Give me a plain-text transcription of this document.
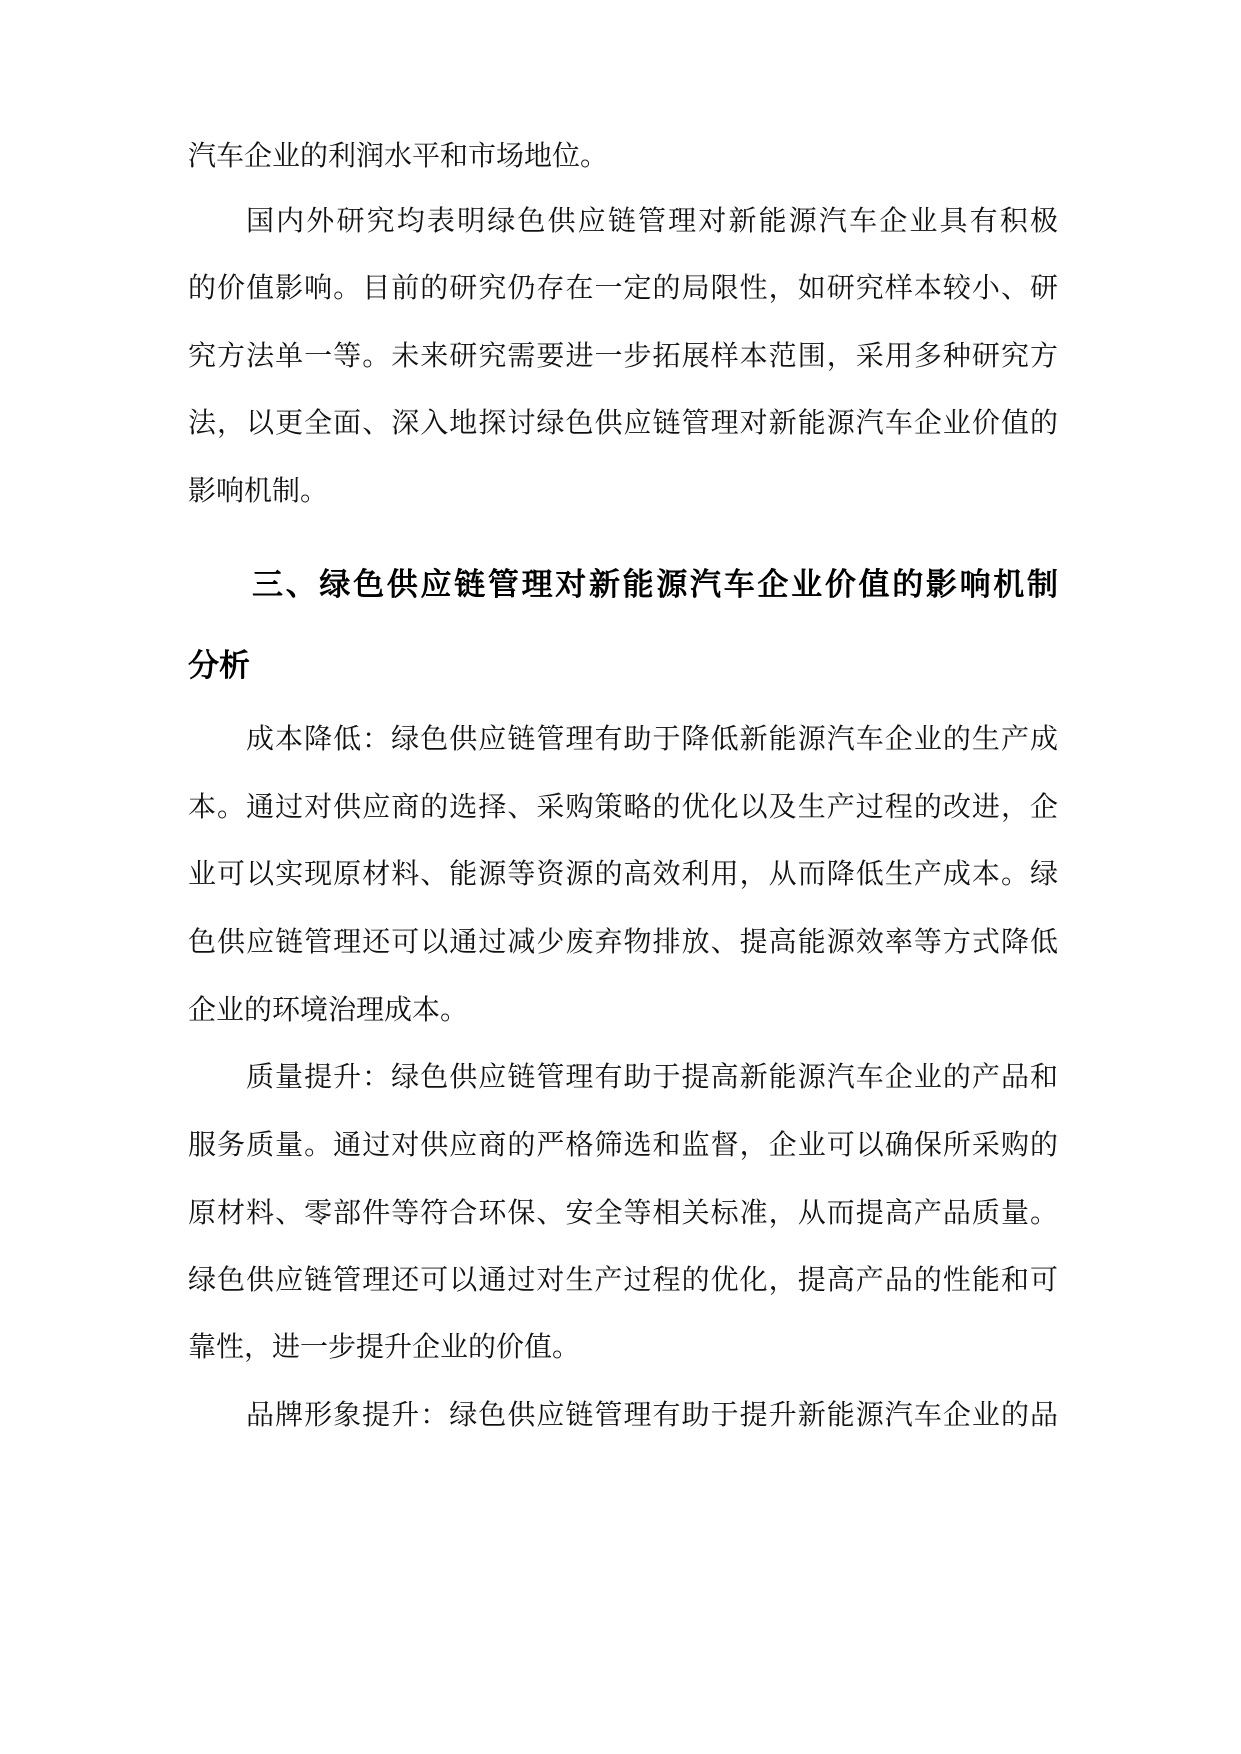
汽车企业的利润水平和市场地位。
国内外研究均表明绿色供应链管理对新能源汽车企业具有积极
的价值影响。目前的研究仍存在一定的局限性，如研究样本较小、研
究方法单一等。未来研究需要进一步拓展样本范围，采用多种研究方
法，以更全面、深入地探讨绿色供应链管理对新能源汽车企业价值的
影响机制。
三、绿色供应链管理对新能源汽车企业价值的影响机制
分析
成本降低：绿色供应链管理有助于降低新能源汽车企业的生产成
本。通过对供应商的选择、采购策略的优化以及生产过程的改进，企
业可以实现原材料、能源等资源的高效利用，从而降低生产成本。绿
色供应链管理还可以通过减少废弃物排放、提高能源效率等方式降低
企业的环境治理成本。
质量提升：绿色供应链管理有助于提高新能源汽车企业的产品和
服务质量。通过对供应商的严格筛选和监督，企业可以确保所采购的
原材料、零部件等符合环保、安全等相关标准，从而提高产品质量。
绿色供应链管理还可以通过对生产过程的优化，提高产品的性能和可
靠性，进一步提升企业的价值。
品牌形象提升：绿色供应链管理有助于提升新能源汽车企业的品
